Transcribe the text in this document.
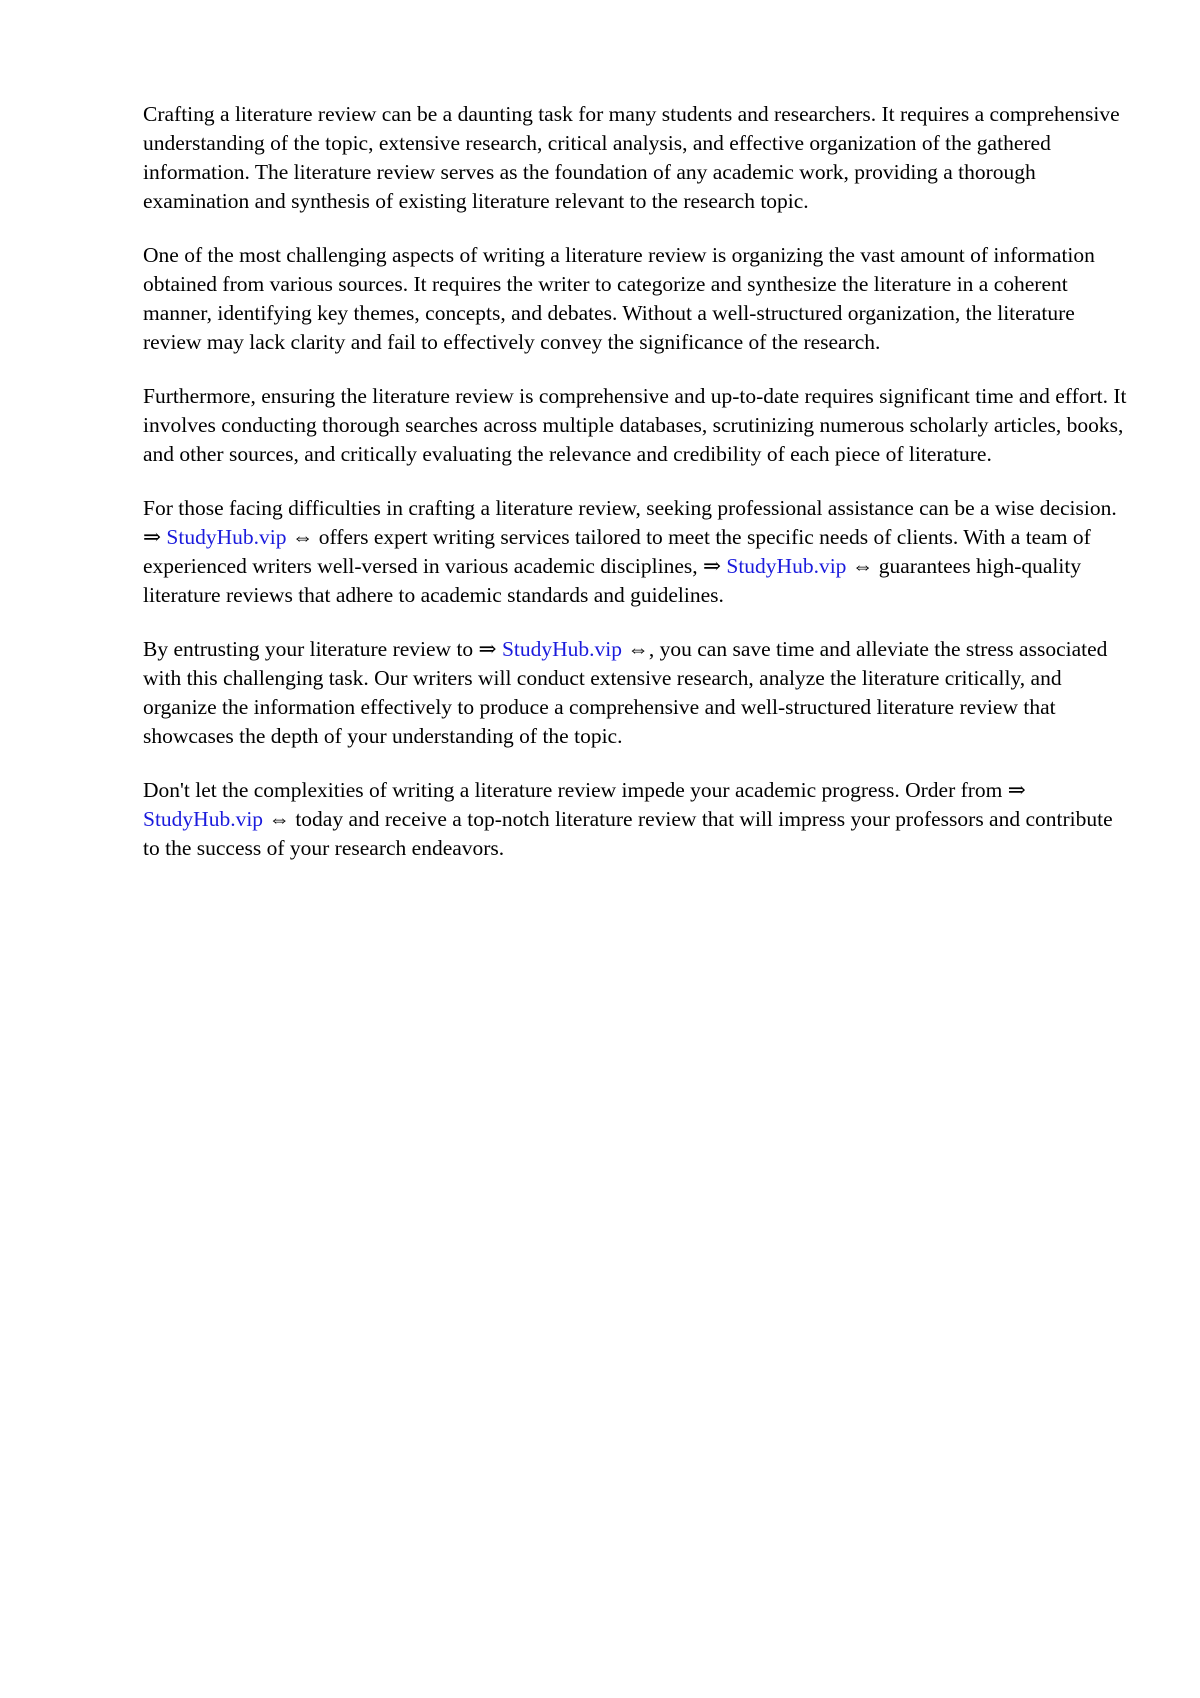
Crafting a literature review can be a daunting task for many students and researchers. It requires a comprehensive understanding of the topic, extensive research, critical analysis, and effective organization of the gathered information. The literature review serves as the foundation of any academic work, providing a thorough examination and synthesis of existing literature relevant to the research topic.

One of the most challenging aspects of writing a literature review is organizing the vast amount of information obtained from various sources. It requires the writer to categorize and synthesize the literature in a coherent manner, identifying key themes, concepts, and debates. Without a well-structured organization, the literature review may lack clarity and fail to effectively convey the significance of the research.

Furthermore, ensuring the literature review is comprehensive and up-to-date requires significant time and effort. It involves conducting thorough searches across multiple databases, scrutinizing numerous scholarly articles, books, and other sources, and critically evaluating the relevance and credibility of each piece of literature.

For those facing difficulties in crafting a literature review, seeking professional assistance can be a wise decision. ⇒ StudyHub.vip ⇔ offers expert writing services tailored to meet the specific needs of clients. With a team of experienced writers well-versed in various academic disciplines, ⇒ StudyHub.vip ⇔ guarantees high-quality literature reviews that adhere to academic standards and guidelines.

By entrusting your literature review to ⇒ StudyHub.vip ⇔, you can save time and alleviate the stress associated with this challenging task. Our writers will conduct extensive research, analyze the literature critically, and organize the information effectively to produce a comprehensive and well-structured literature review that showcases the depth of your understanding of the topic.

Don't let the complexities of writing a literature review impede your academic progress. Order from ⇒ StudyHub.vip ⇔ today and receive a top-notch literature review that will impress your professors and contribute to the success of your research endeavors.
